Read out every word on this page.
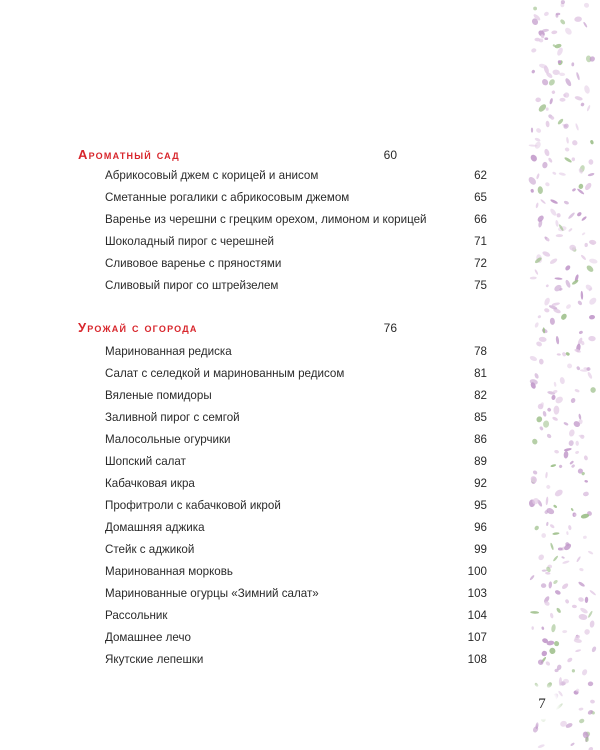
Ароматный сад	60
Абрикосовый джем с корицей и анисом	62
Сметанные рогалики с абрикосовым джемом	65
Варенье из черешни с грецким орехом, лимоном и корицей	66
Шоколадный пирог с черешней	71
Сливовое варенье с пряностями	72
Сливовый пирог со штрейзелем	75
Урожай с огорода	76
Маринованная редиска	78
Салат с селедкой и маринованным редисом	81
Вяленые помидоры	82
Заливной пирог с семгой	85
Малосольные огурчики	86
Шопский салат	89
Кабачковая икра	92
Профитроли с кабачковой икрой	95
Домашняя аджика	96
Стейк с аджикой	99
Маринованная морковь	100
Маринованные огурцы «Зимний салат»	103
Рассольник	104
Домашнее лечо	107
Якутские лепешки	108
7
